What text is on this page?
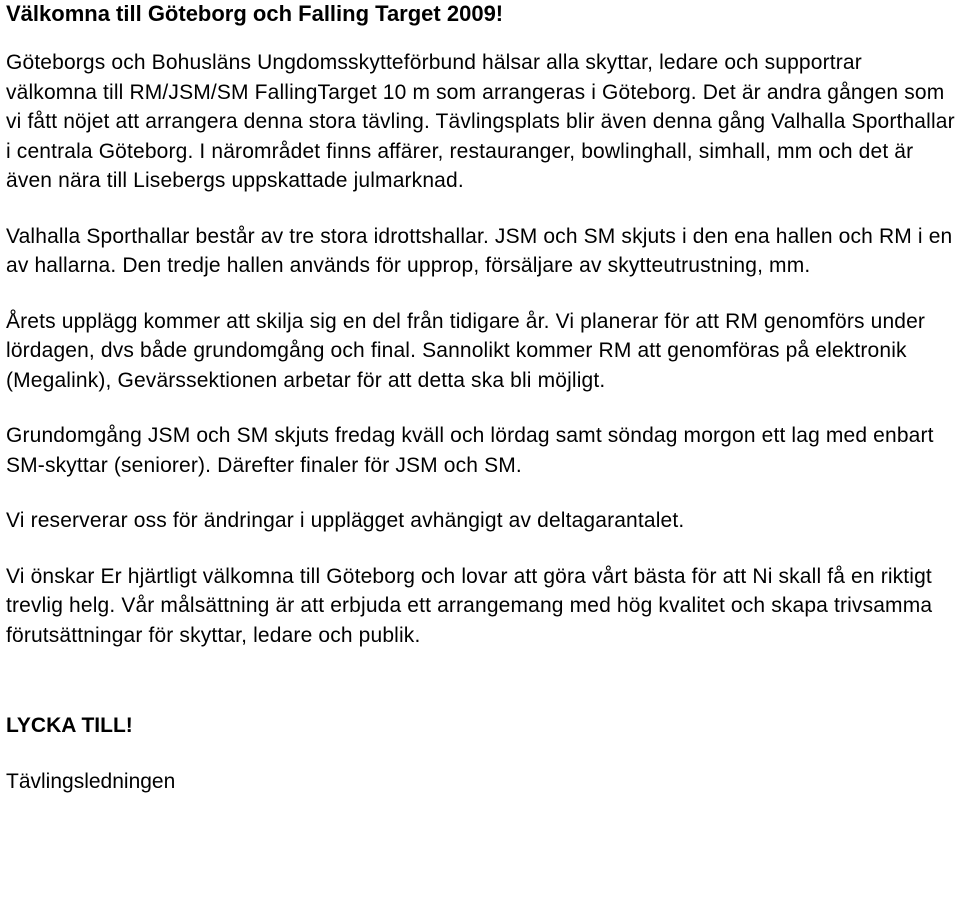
Välkomna till Göteborg och Falling Target 2009!

Göteborgs och Bohusläns Ungdomsskytteförbund hälsar alla skyttar, ledare och supportrar välkomna till RM/JSM/SM FallingTarget 10 m som arrangeras i Göteborg. Det är andra gången som vi fått nöjet att arrangera denna stora tävling. Tävlingsplats blir även denna gång Valhalla Sporthallar i centrala Göteborg. I närområdet finns affärer, restauranger, bowlinghall, simhall, mm och det är även nära till Lisebergs uppskattade julmarknad.

Valhalla Sporthallar består av tre stora idrottshallar. JSM och SM skjuts i den ena hallen och RM i en av hallarna. Den tredje hallen används för upprop, försäljare av skytteutrustning, mm.

Årets upplägg kommer att skilja sig en del från tidigare år. Vi planerar för att RM genomförs under lördagen, dvs både grundomgång och final. Sannolikt kommer RM att genomföras på elektronik (Megalink), Gevärssektionen arbetar för att detta ska bli möjligt.

Grundomgång JSM och SM skjuts fredag kväll och lördag samt söndag morgon ett lag med enbart SM-skyttar (seniorer). Därefter finaler för JSM och SM.

Vi reserverar oss för ändringar i upplägget avhängigt av deltagarantalet.

Vi önskar Er hjärtligt välkomna till Göteborg och lovar att göra vårt bästa för att Ni skall få en riktigt trevlig helg. Vår målsättning är att erbjuda ett arrangemang med hög kvalitet och skapa trivsamma förutsättningar för skyttar, ledare och publik.

LYCKA TILL!

Tävlingsledningen
